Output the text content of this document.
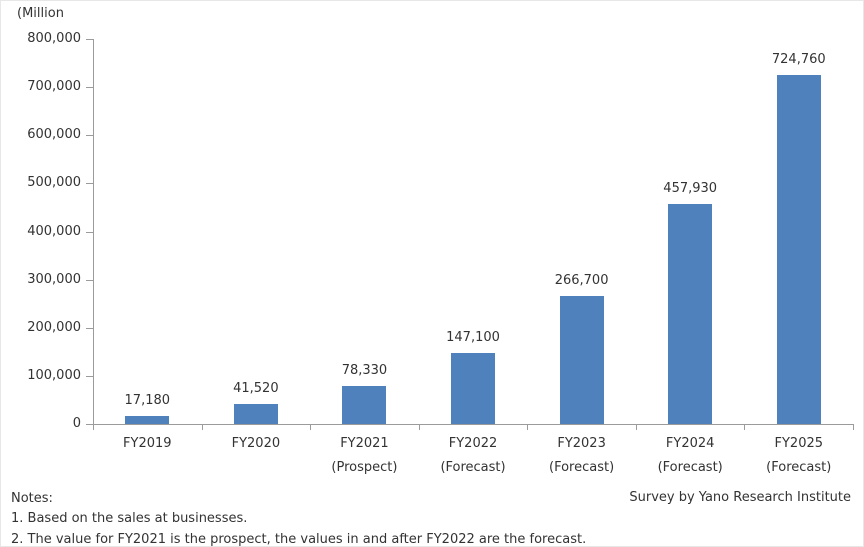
(Million
800,000
700,000
600,000
500,000
400,000
300,000
200,000
100,000
0
17,180
41,520
78,330
147,100
266,700
457,930
724,760
FY2019	FY2020	FY2021
(Prospect)
FY2022
(Forecast)
FY2023
(Forecast)
FY2024
(Forecast)
FY2025
(Forecast)
Notes:
1. Based on the sales at businesses.
2. The value for FY2021 is the prospect, the values in and after FY2022 are the forecast.
Survey by Yano Research Institute
